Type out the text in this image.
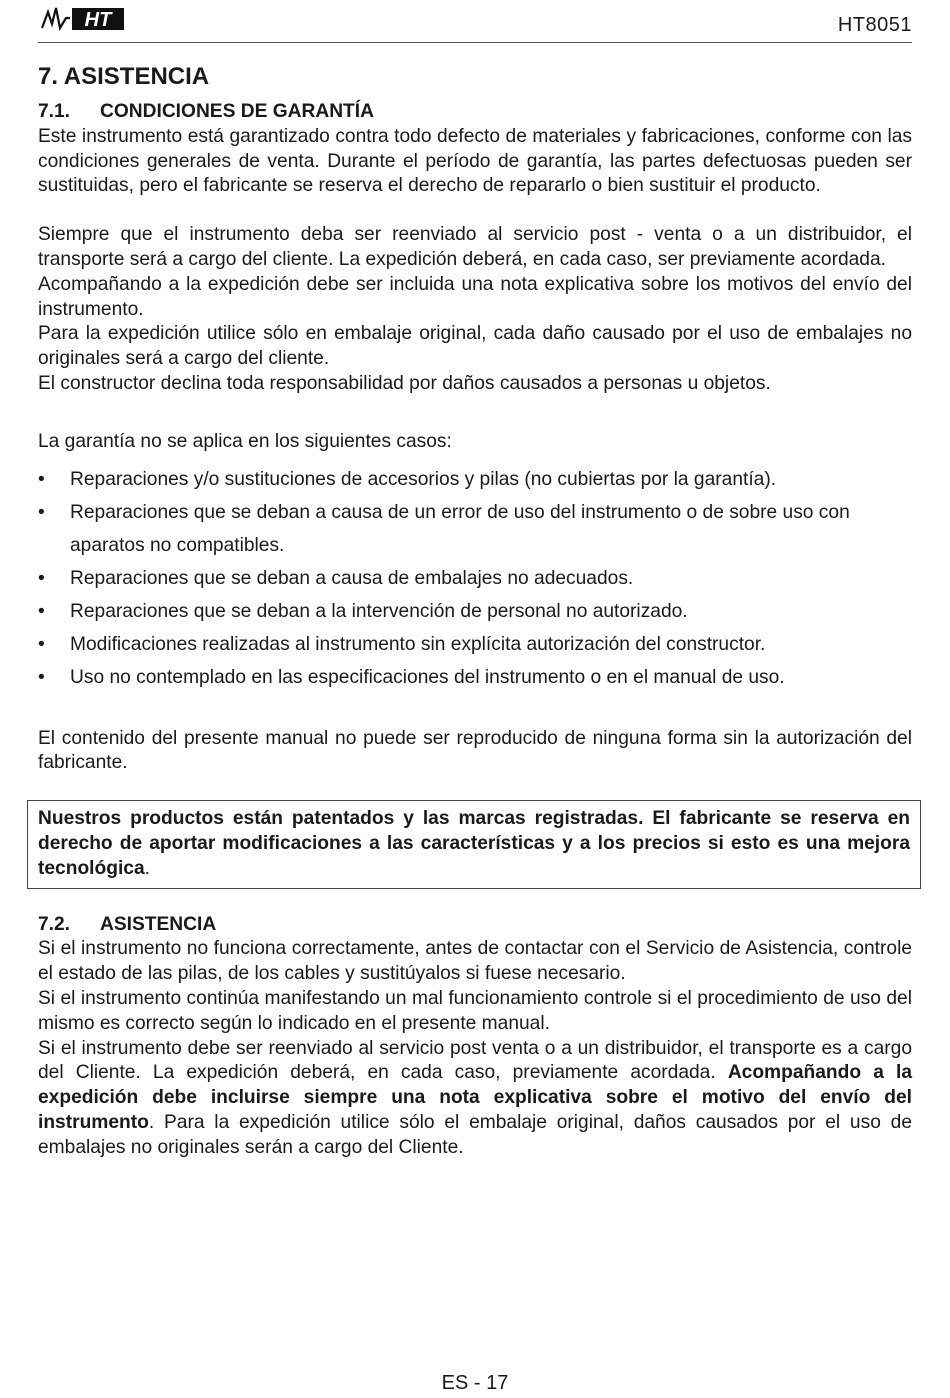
HT	HT8051
7. ASISTENCIA
7.1. CONDICIONES DE GARANTÍA

Este instrumento está garantizado contra todo defecto de materiales y fabricaciones, conforme con las condiciones generales de venta. Durante el período de garantía, las partes defectuosas pueden ser sustituidas, pero el fabricante se reserva el derecho de repararlo o bien sustituir el producto.

Siempre que el instrumento deba ser reenviado al servicio post - venta o a un distribuidor, el transporte será a cargo del cliente. La expedición deberá, en cada caso, ser previamente acordada.

Acompañando a la expedición debe ser incluida una nota explicativa sobre los motivos del envío del instrumento.

Para la expedición utilice sólo en embalaje original, cada daño causado por el uso de embalajes no originales será a cargo del cliente.

El constructor declina toda responsabilidad por daños causados a personas u objetos.

La garantía no se aplica en los siguientes casos:

• Reparaciones y/o sustituciones de accesorios y pilas (no cubiertas por la garantía).
• Reparaciones que se deban a causa de un error de uso del instrumento o de sobre uso con aparatos no compatibles.
• Reparaciones que se deban a causa de embalajes no adecuados.
• Reparaciones que se deban a la intervención de personal no autorizado.
• Modificaciones realizadas al instrumento sin explícita autorización del constructor.
• Uso no contemplado en las especificaciones del instrumento o en el manual de uso.

El contenido del presente manual no puede ser reproducido de ninguna forma sin la autorización del fabricante.

Nuestros productos están patentados y las marcas registradas. El fabricante se reserva en derecho de aportar modificaciones a las características y a los precios si esto es una mejora tecnológica.
7.2. ASISTENCIA

Si el instrumento no funciona correctamente, antes de contactar con el Servicio de Asistencia, controle el estado de las pilas, de los cables y sustitúyalos si fuese necesario.

Si el instrumento continúa manifestando un mal funcionamiento controle si el procedimiento de uso del mismo es correcto según lo indicado en el presente manual.

Si el instrumento debe ser reenviado al servicio post venta o a un distribuidor, el transporte es a cargo del Cliente. La expedición deberá, en cada caso, previamente acordada. Acompañando a la expedición debe incluirse siempre una nota explicativa sobre el motivo del envío del instrumento. Para la expedición utilice sólo el embalaje original, daños causados por el uso de embalajes no originales serán a cargo del Cliente.

ES - 17
